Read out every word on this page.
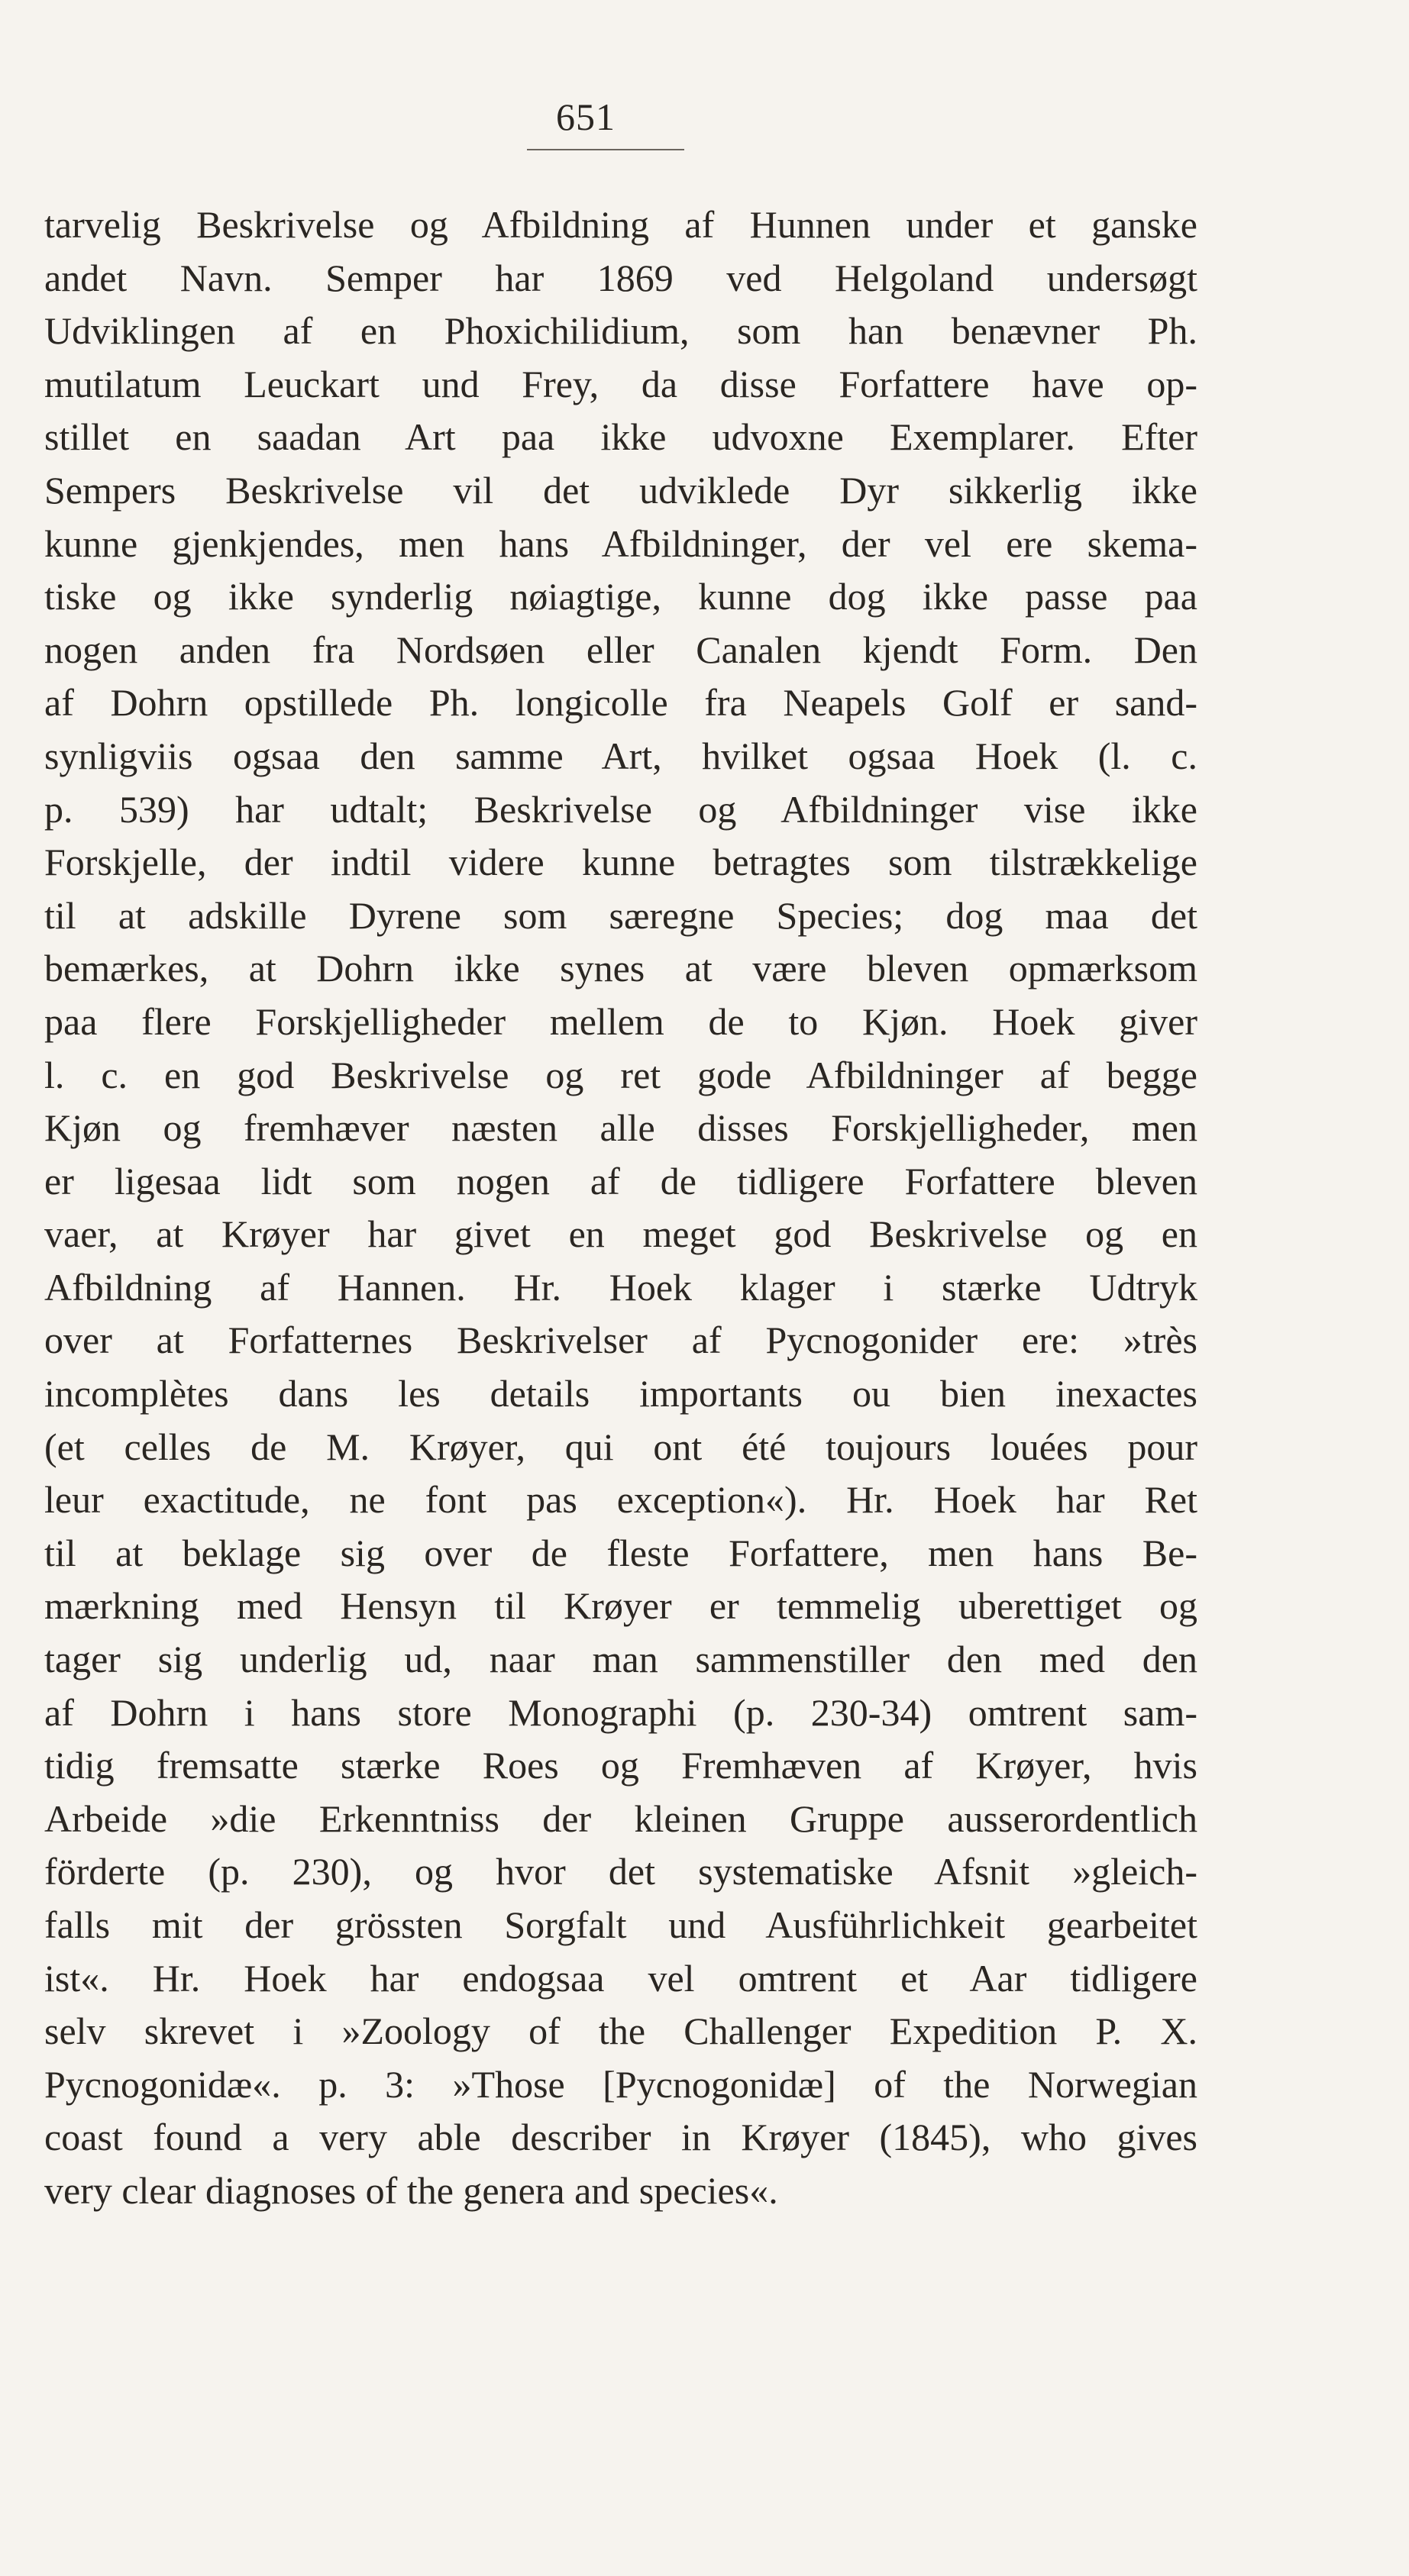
651
tarvelig Beskrivelse og Afbildning af Hunnen under et ganske
andet Navn. Semper har 1869 ved Helgoland undersøgt
Udviklingen af en Phoxichilidium, som han benævner Ph.
mutilatum Leuckart und Frey, da disse Forfattere have op-
stillet en saadan Art paa ikke udvoxne Exemplarer. Efter
Sempers Beskrivelse vil det udviklede Dyr sikkerlig ikke
kunne gjenkjendes, men hans Afbildninger, der vel ere skema-
tiske og ikke synderlig nøiagtige, kunne dog ikke passe paa
nogen anden fra Nordsøen eller Canalen kjendt Form. Den
af Dohrn opstillede Ph. longicolle fra Neapels Golf er sand-
synligviis ogsaa den samme Art, hvilket ogsaa Hoek (l. c.
p. 539) har udtalt; Beskrivelse og Afbildninger vise ikke
Forskjelle, der indtil videre kunne betragtes som tilstrækkelige
til at adskille Dyrene som særegne Species; dog maa det
bemærkes, at Dohrn ikke synes at være bleven opmærksom
paa flere Forskjelligheder mellem de to Kjøn. Hoek giver
l. c. en god Beskrivelse og ret gode Afbildninger af begge
Kjøn og fremhæver næsten alle disses Forskjelligheder, men
er ligesaa lidt som nogen af de tidligere Forfattere bleven
vaer, at Krøyer har givet en meget god Beskrivelse og en
Afbildning af Hannen. Hr. Hoek klager i stærke Udtryk
over at Forfatternes Beskrivelser af Pycnogonider ere: »très
incomplètes dans les details importants ou bien inexactes
(et celles de M. Krøyer, qui ont été toujours louées pour
leur exactitude, ne font pas exception«). Hr. Hoek har Ret
til at beklage sig over de fleste Forfattere, men hans Be-
mærkning med Hensyn til Krøyer er temmelig uberettiget og
tager sig underlig ud, naar man sammenstiller den med den
af Dohrn i hans store Monographi (p. 230-34) omtrent sam-
tidig fremsatte stærke Roes og Fremhæven af Krøyer, hvis
Arbeide »die Erkenntniss der kleinen Gruppe ausserordentlich
förderte (p. 230), og hvor det systematiske Afsnit »gleich-
falls mit der grössten Sorgfalt und Ausführlichkeit gearbeitet
ist«. Hr. Hoek har endogsaa vel omtrent et Aar tidligere
selv skrevet i »Zoology of the Challenger Expedition P. X.
Pycnogonidæ«. p. 3: »Those [Pycnogonidæ] of the Norwegian
coast found a very able describer in Krøyer (1845), who gives
very clear diagnoses of the genera and species«.
